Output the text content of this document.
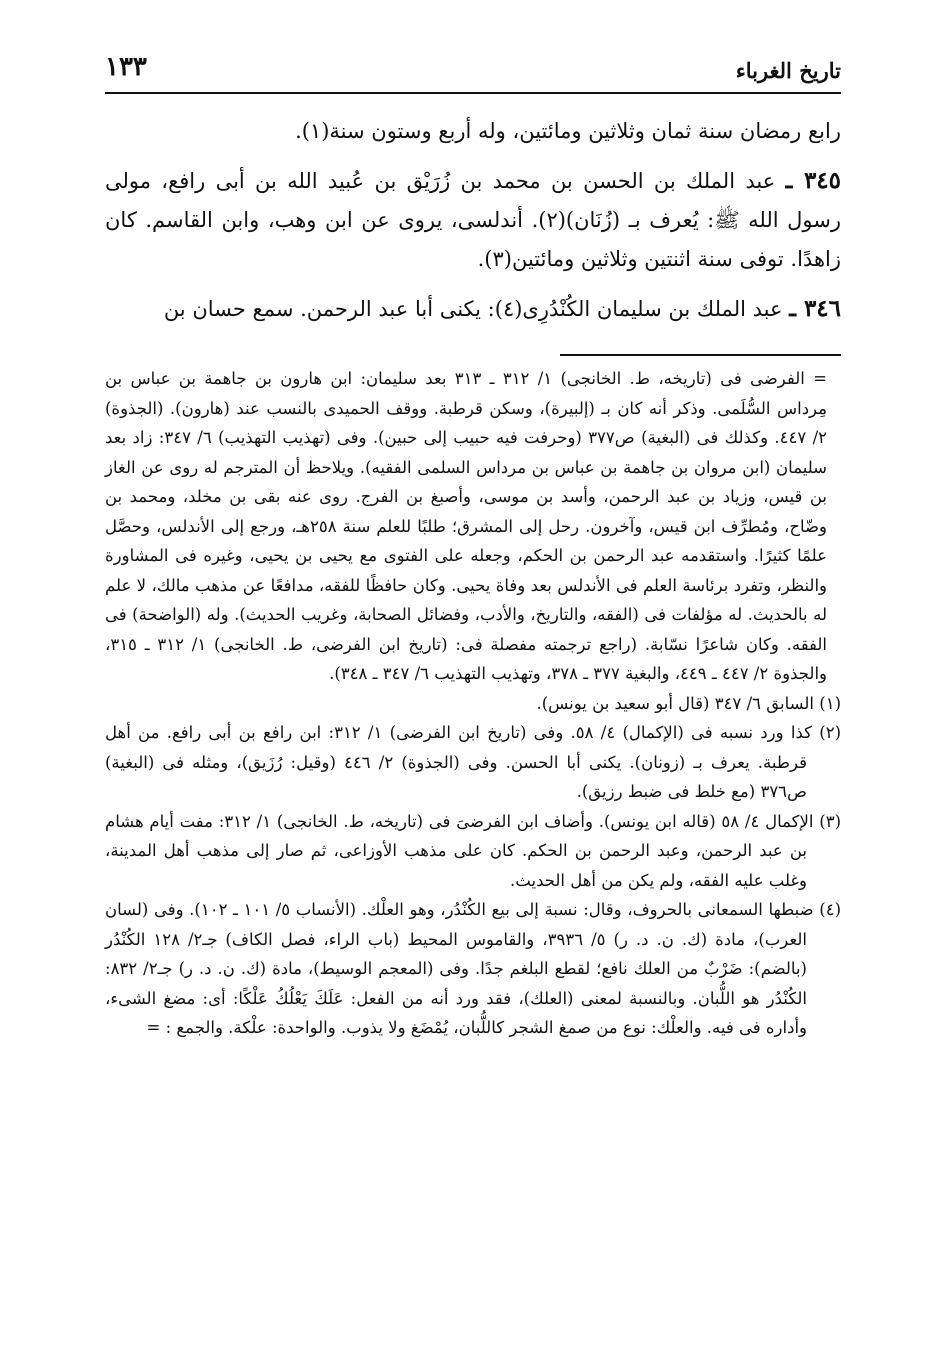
تاريخ الغرباء
١٣٣

رابع رمضان سنة ثمان وثلاثين ومائتين، وله أربع وستون سنة(١).

٣٤٥ ـ عبد الملك بن الحسن بن محمد بن زُرَيْق بن عُبيد الله بن أبى رافع، مولى رسول الله ﷺ: يُعرف بـ (زُنَان)(٢). أندلسى، يروى عن ابن وهب، وابن القاسم. كان زاهدًا. توفى سنة اثنتين وثلاثين ومائتين(٣).

٣٤٦ ـ عبد الملك بن سليمان الكُنْدُرِى(٤): يكنى أبا عبد الرحمن. سمع حسان بن

= الفرضى فى (تاريخه، ط. الخانجى) ١/ ٣١٢ ـ ٣١٣ بعد سليمان: ابن هارون بن جاهمة بن عباس بن مِرداس السُّلَمى. وذكر أنه كان بـ (إلبيرة)، وسكن قرطبة. ووقف الحميدى بالنسب عند (هارون). (الجذوة) ٢/ ٤٤٧. وكذلك فى (البغية) ص٣٧٧ (وحرفت فيه حبيب إلى حبين). وفى (تهذيب التهذيب) ٦/ ٣٤٧: زاد بعد سليمان (ابن مروان بن جاهمة بن عباس بن مرداس السلمى الفقيه). ويلاحظ أن المترجم له روى عن الغاز بن قيس، وزياد بن عبد الرحمن، وأسد بن موسى، وأصبغ بن الفرج. روى عنه بقى بن مخلد، ومحمد بن وضّاح، ومُطرِّف ابن قيس، وآخرون. رحل إلى المشرق؛ طلبًا للعلم سنة ٢٥٨هـ، ورجع إلى الأندلس، وحصَّل علمًا كثيرًا. واستقدمه عبد الرحمن بن الحكم، وجعله على الفتوى مع يحيى بن يحيى، وغيره فى المشاورة والنظر، وتفرد برئاسة العلم فى الأندلس بعد وفاة يحيى. وكان حافظًا للفقه، مدافعًا عن مذهب مالك، لا علم له بالحديث. له مؤلفات فى (الفقه، والتاريخ، والأدب، وفضائل الصحابة، وغريب الحديث). وله (الواضحة) فى الفقه. وكان شاعرًا نسّابة. (راجع ترجمته مفصلة فى: (تاريخ ابن الفرضى، ط. الخانجى) ١/ ٣١٢ ـ ٣١٥، والجذوة ٢/ ٤٤٧ ـ ٤٤٩، والبغية ٣٧٧ ـ ٣٧٨، وتهذيب التهذيب ٦/ ٣٤٧ ـ ٣٤٨).

(١) السابق ٦/ ٣٤٧ (قال أبو سعيد بن يونس).

(٢) كذا ورد نسبه فى (الإكمال) ٤/ ٥٨. وفى (تاريخ ابن الفرضى) ١/ ٣١٢: ابن رافع بن أبى رافع. من أهل قرطبة. يعرف بـ (زونان). يكنى أبا الحسن. وفى (الجذوة) ٢/ ٤٤٦ (وقيل: رُزَيق)، ومثله فى (البغية) ص٣٧٦ (مع خلط فى ضبط رزيق).

(٣) الإكمال ٤/ ٥٨ (قاله ابن يونس). وأضاف ابن الفرضىَ فى (تاريخه، ط. الخانجى) ١/ ٣١٢: مفت أيام هشام بن عبد الرحمن، وعبد الرحمن بن الحكم. كان على مذهب الأوزاعى، ثم صار إلى مذهب أهل المدينة، وغلب عليه الفقه، ولم يكن من أهل الحديث.

(٤) ضبطها السمعانى بالحروف، وقال: نسبة إلى بيع الكُنْدُر، وهو العلْك. (الأنساب ٥/ ١٠١ ـ ١٠٢). وفى (لسان العرب)، مادة (ك. ن. د. ر) ٥/ ٣٩٣٦، والقاموس المحيط (باب الراء، فصل الكاف) جـ٢/ ١٢٨ الكُنْدُر (بالضم): ضَرْبٌ من العلك نافع؛ لقطع البلغم جدًا. وفى (المعجم الوسيط)، مادة (ك. ن. د. ر) جـ٢/ ٨٣٢: الكُنْدُر هو اللُّبان. وبالنسبة لمعنى (العلك)، فقد ورد أنه من الفعل: عَلَكَ يَعْلُكُ عَلْكًا: أى: مضغ الشىء، وأداره فى فيه. والعلْك: نوع من صمغ الشجر كاللُّبان، يُمْضَغ ولا يذوب. والواحدة: علْكة. والجمع : =
